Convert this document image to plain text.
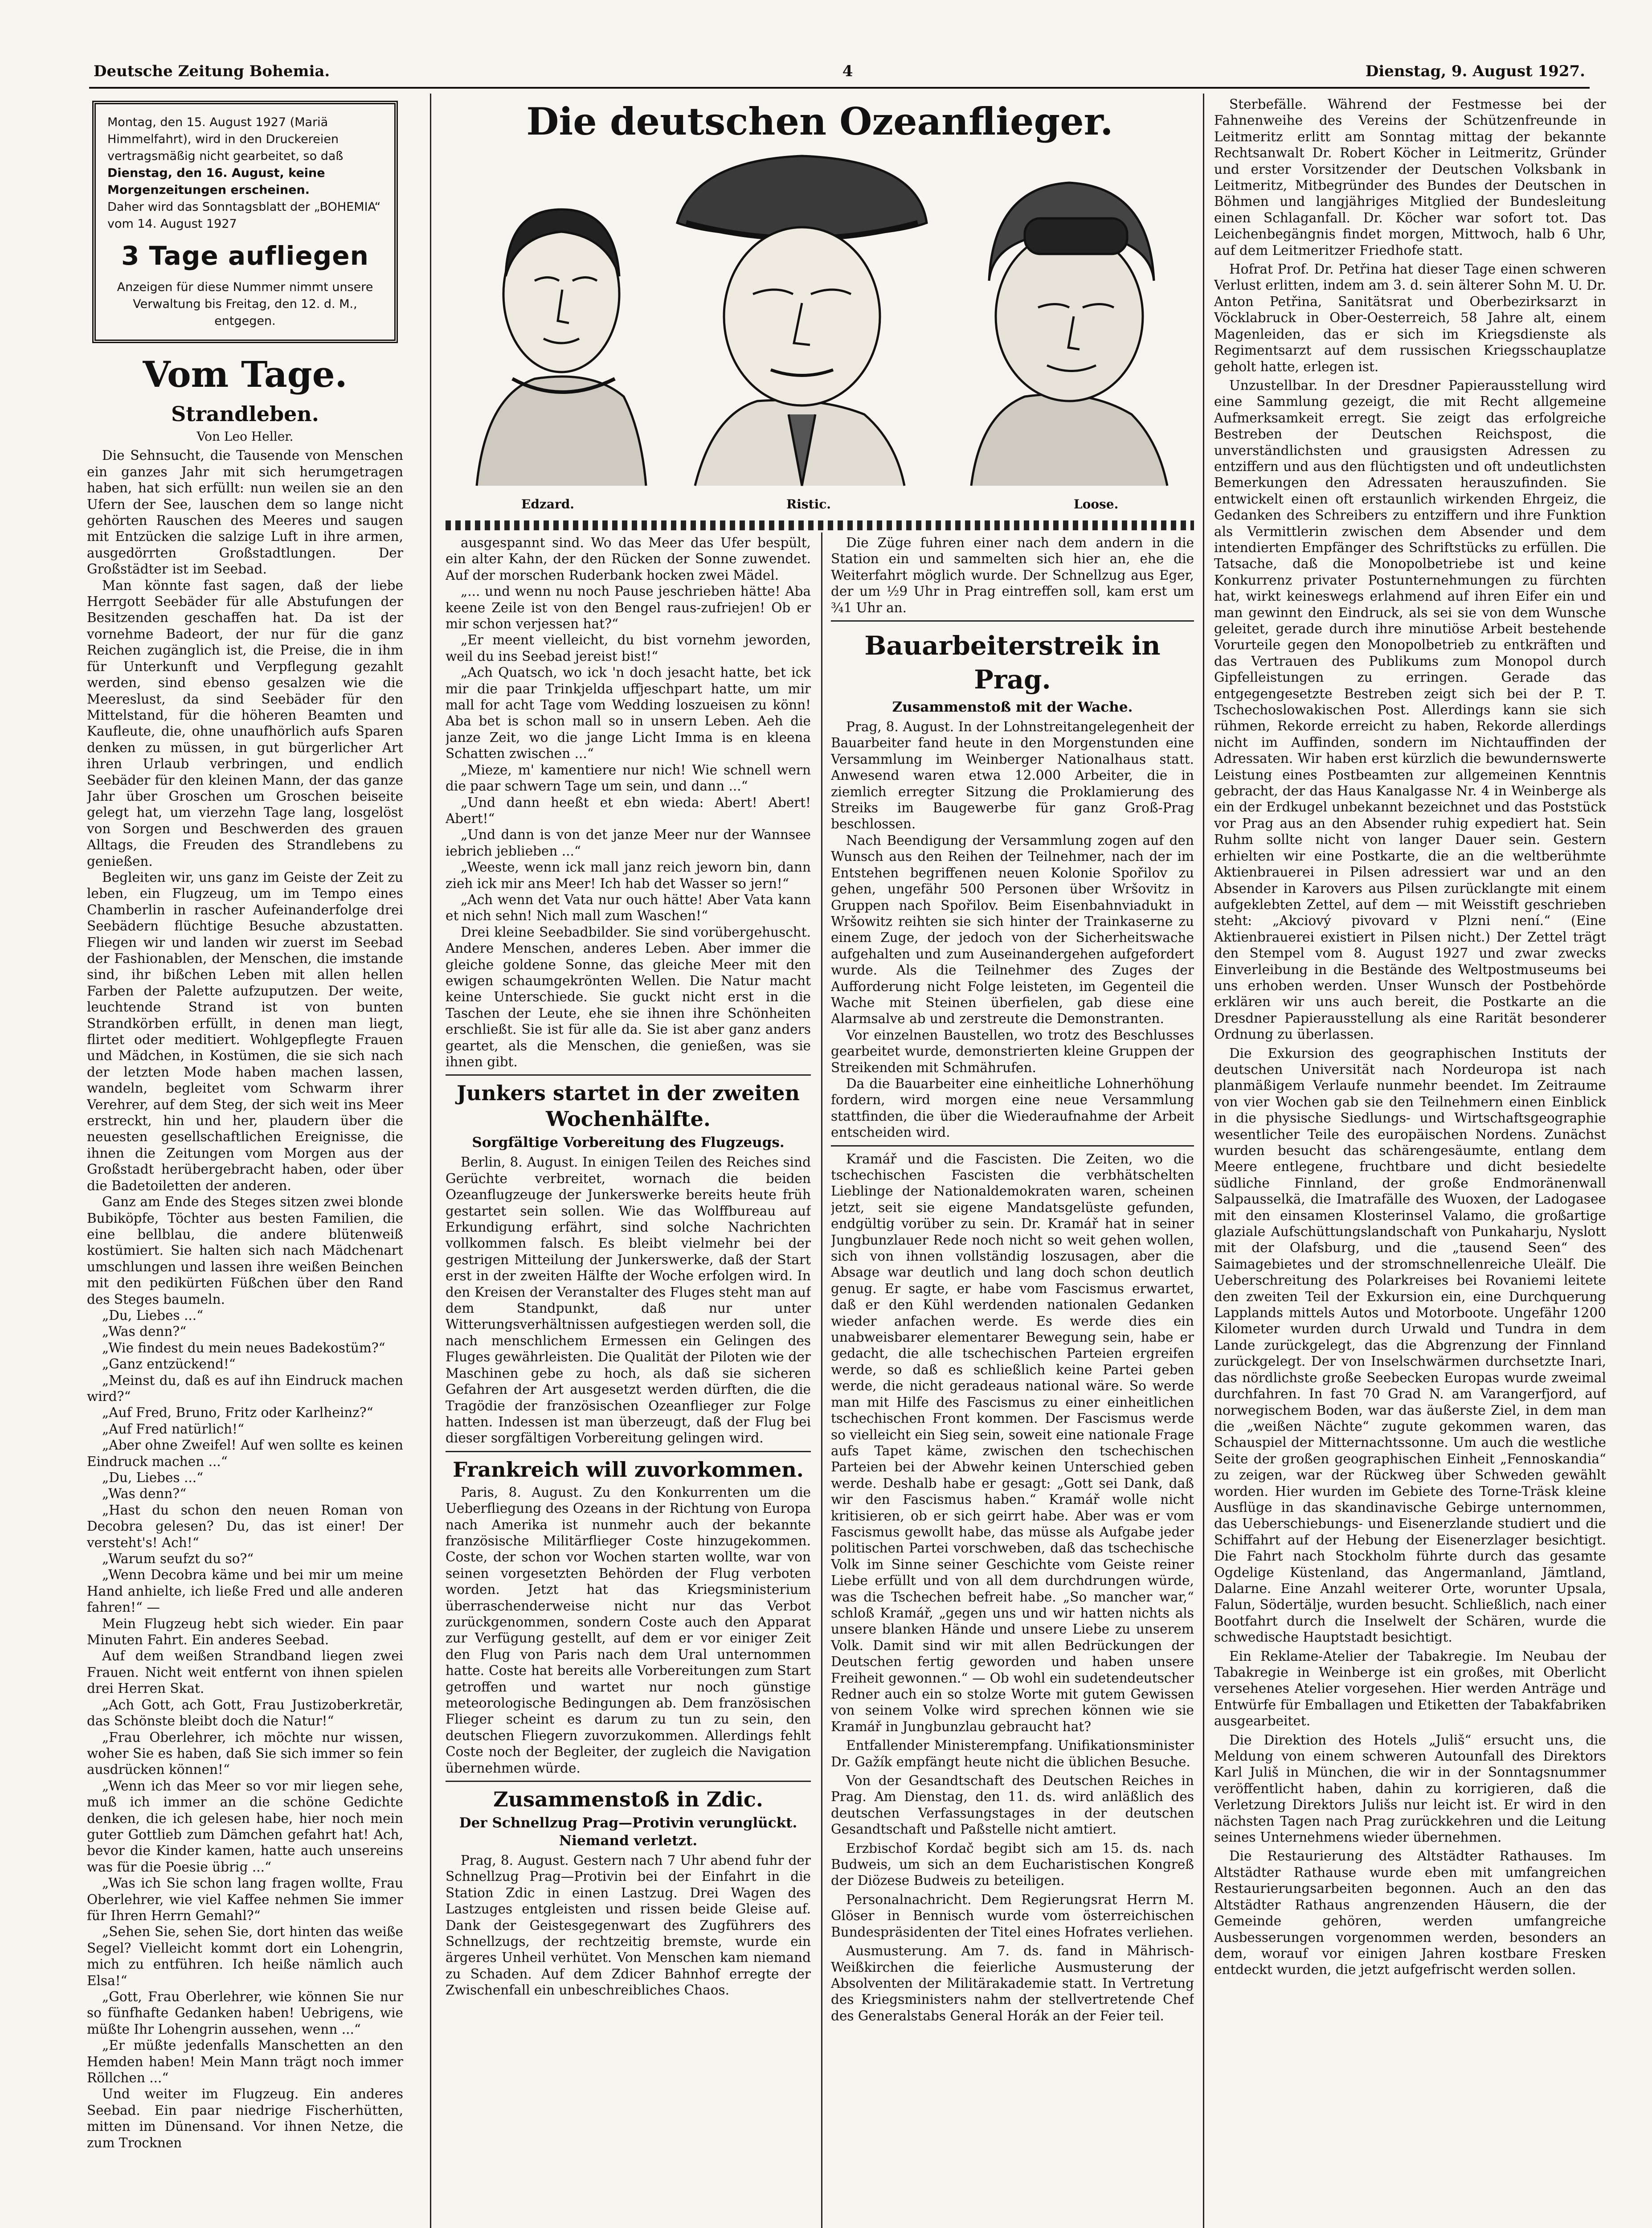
Deutsche Zeitung Bohemia.	4	Dienstag, 9. August 1927.
Montag, den 15. August 1927 (Mariä Himmelfahrt), wird in den Druckereien vertragsmäßig nicht gearbeitet, so daß
Dienstag, den 16. August, keine Morgenzeitungen erscheinen.
Daher wird das Sonntagsblatt der „BOHEMIA“ vom 14. August 1927
3 Tage aufliegen
Anzeigen für diese Nummer nimmt unsere Verwaltung bis Freitag, den 12. d. M., entgegen.
Vom Tage.
Strandleben.
Von Leo Heller.

Die Sehnsucht, die Tausende von Menschen ein ganzes Jahr mit sich herumgetragen haben, hat sich erfüllt: nun weilen sie an den Ufern der See, lauschen dem so lange nicht gehörten Rauschen des Meeres und saugen mit Entzücken die salzige Luft in ihre armen, ausgedörrten Großstadtlungen. Der Großstädter ist im Seebad.

Man könnte fast sagen, daß der liebe Herrgott Seebäder für alle Abstufungen der Besitzenden geschaffen hat. Da ist der vornehme Badeort, der nur für die ganz Reichen zugänglich ist, die Preise, die in ihm für Unterkunft und Verpflegung gezahlt werden, sind ebenso gesalzen wie die Meereslust, da sind Seebäder für den Mittelstand, für die höheren Beamten und Kaufleute, die, ohne unaufhörlich aufs Sparen denken zu müssen, in gut bürgerlicher Art ihren Urlaub verbringen, und endlich Seebäder für den kleinen Mann, der das ganze Jahr über Groschen um Groschen beiseite gelegt hat, um vierzehn Tage lang, losgelöst von Sorgen und Beschwerden des grauen Alltags, die Freuden des Strandlebens zu genießen.

Begleiten wir, uns ganz im Geiste der Zeit zu leben, ein Flugzeug, um im Tempo eines Chamberlin in rascher Aufeinanderfolge drei Seebädern flüchtige Besuche abzustatten. Fliegen wir und landen wir zuerst im Seebad der Fashionablen, der Menschen, die imstande sind, ihr bißchen Leben mit allen hellen Farben der Palette aufzuputzen. Der weite, leuchtende Strand ist von bunten Strandkörben erfüllt, in denen man liegt, flirtet oder meditiert. Wohlgepflegte Frauen und Mädchen, in Kostümen, die sie sich nach der letzten Mode haben machen lassen, wandeln, begleitet vom Schwarm ihrer Verehrer, auf dem Steg, der sich weit ins Meer erstreckt, hin und her, plaudern über die neuesten gesellschaftlichen Ereignisse, die ihnen die Zeitungen vom Morgen aus der Großstadt herübergebracht haben, oder über die Badetoiletten der anderen.

Ganz am Ende des Steges sitzen zwei blonde Bubiköpfe, Töchter aus besten Familien, die eine bellblau, die andere blütenweiß kostümiert. Sie halten sich nach Mädchenart umschlungen und lassen ihre weißen Beinchen mit den pedikürten Füßchen über den Rand des Steges baumeln.

„Du, Liebes ...“

„Was denn?“

„Wie findest du mein neues Badekostüm?“

„Ganz entzückend!“

„Meinst du, daß es auf ihn Eindruck machen wird?“

„Auf Fred, Bruno, Fritz oder Karlheinz?“

„Auf Fred natürlich!“

„Aber ohne Zweifel! Auf wen sollte es keinen Eindruck machen ...“

„Du, Liebes ...“

„Was denn?“

„Hast du schon den neuen Roman von Decobra gelesen? Du, das ist einer! Der versteht's! Ach!“

„Warum seufzt du so?“

„Wenn Decobra käme und bei mir um meine Hand anhielte, ich ließe Fred und alle anderen fahren!“ —

Mein Flugzeug hebt sich wieder. Ein paar Minuten Fahrt. Ein anderes Seebad.

Auf dem weißen Strandband liegen zwei Frauen. Nicht weit entfernt von ihnen spielen drei Herren Skat.

„Ach Gott, ach Gott, Frau Justizoberkretär, das Schönste bleibt doch die Natur!“

„Frau Oberlehrer, ich möchte nur wissen, woher Sie es haben, daß Sie sich immer so fein ausdrücken können!“

„Wenn ich das Meer so vor mir liegen sehe, muß ich immer an die schöne Gedichte denken, die ich gelesen habe, hier noch mein guter Gottlieb zum Dämchen gefahrt hat! Ach, bevor die Kinder kamen, hatte auch unsereins was für die Poesie übrig ...“

„Was ich Sie schon lang fragen wollte, Frau Oberlehrer, wie viel Kaffee nehmen Sie immer für Ihren Herrn Gemahl?“

„Sehen Sie, sehen Sie, dort hinten das weiße Segel? Vielleicht kommt dort ein Lohengrin, mich zu entführen. Ich heiße nämlich auch Elsa!“

„Gott, Frau Oberlehrer, wie können Sie nur so fünfhafte Gedanken haben! Uebrigens, wie müßte Ihr Lohengrin aussehen, wenn ...“

„Er müßte jedenfalls Manschetten an den Hemden haben! Mein Mann trägt noch immer Röllchen ...“

Und weiter im Flugzeug. Ein anderes Seebad. Ein paar niedrige Fischerhütten, mitten im Dünensand. Vor ihnen Netze, die zum Trocknen

Die deutschen Ozeanflieger.
Edzard.	Ristic.	Loose.

ausgespannt sind. Wo das Meer das Ufer bespült, ein alter Kahn, der den Rücken der Sonne zuwendet. Auf der morschen Ruderbank hocken zwei Mädel.

„... und wenn nu noch Pause jeschrieben hätte! Aba keene Zeile ist von den Bengel raus-zufriejen! Ob er mir schon verjessen hat?“

„Er meent vielleicht, du bist vornehm jeworden, weil du ins Seebad jereist bist!“

„Ach Quatsch, wo ick 'n doch jesacht hatte, bet ick mir die paar Trinkjelda uffjeschpart hatte, um mir mall for acht Tage vom Wedding loszueisen zu könn! Aba bet is schon mall so in unsern Leben. Aeh die janze Zeit, wo die jange Licht Imma is en kleena Schatten zwischen ...“

„Mieze, m' kamentiere nur nich! Wie schnell wern die paar schwern Tage um sein, und dann ...“

„Und dann heeßt et ebn wieda: Abert! Abert! Abert!“

„Und dann is von det janze Meer nur der Wannsee iebrich jeblieben ...“

„Weeste, wenn ick mall janz reich jeworn bin, dann zieh ick mir ans Meer! Ich hab det Wasser so jern!“

„Ach wenn det Vata nur ouch hätte! Aber Vata kann et nich sehn! Nich mall zum Waschen!“

Drei kleine Seebadbilder. Sie sind vorübergehuscht. Andere Menschen, anderes Leben. Aber immer die gleiche goldene Sonne, das gleiche Meer mit den ewigen schaumgekrönten Wellen. Die Natur macht keine Unterschiede. Sie guckt nicht erst in die Taschen der Leute, ehe sie ihnen ihre Schönheiten erschließt. Sie ist für alle da. Sie ist aber ganz anders geartet, als die Menschen, die genießen, was sie ihnen gibt.

Junkers startet in der zweiten Wochenhälfte.
Sorgfältige Vorbereitung des Flugzeugs.

Berlin, 8. August. In einigen Teilen des Reiches sind Gerüchte verbreitet, wornach die beiden Ozeanflugzeuge der Junkerswerke bereits heute früh gestartet sein sollen. Wie das Wolffbureau auf Erkundigung erfährt, sind solche Nachrichten vollkommen falsch. Es bleibt vielmehr bei der gestrigen Mitteilung der Junkerswerke, daß der Start erst in der zweiten Hälfte der Woche erfolgen wird. In den Kreisen der Veranstalter des Fluges steht man auf dem Standpunkt, daß nur unter Witterungsverhältnissen aufgestiegen werden soll, die nach menschlichem Ermessen ein Gelingen des Fluges gewährleisten. Die Qualität der Piloten wie der Maschinen gebe zu hoch, als daß sie sicheren Gefahren der Art ausgesetzt werden dürften, die die Tragödie der französischen Ozeanflieger zur Folge hatten. Indessen ist man überzeugt, daß der Flug bei dieser sorgfältigen Vorbereitung gelingen wird.

Frankreich will zuvorkommen.

Paris, 8. August. Zu den Konkurrenten um die Ueberfliegung des Ozeans in der Richtung von Europa nach Amerika ist nunmehr auch der bekannte französische Militärflieger Coste hinzugekommen. Coste, der schon vor Wochen starten wollte, war von seinen vorgesetzten Behörden der Flug verboten worden. Jetzt hat das Kriegsministerium überraschenderweise nicht nur das Verbot zurückgenommen, sondern Coste auch den Apparat zur Verfügung gestellt, auf dem er vor einiger Zeit den Flug von Paris nach dem Ural unternommen hatte. Coste hat bereits alle Vorbereitungen zum Start getroffen und wartet nur noch günstige meteorologische Bedingungen ab. Dem französischen Flieger scheint es darum zu tun zu sein, den deutschen Fliegern zuvorzukommen. Allerdings fehlt Coste noch der Begleiter, der zugleich die Navigation übernehmen würde.

Zusammenstoß in Zdic.
Der Schnellzug Prag—Protivin verunglückt. Niemand verletzt.

Prag, 8. August. Gestern nach 7 Uhr abend fuhr der Schnellzug Prag—Protivin bei der Einfahrt in die Station Zdic in einen Lastzug. Drei Wagen des Lastzuges entgleisten und rissen beide Gleise auf. Dank der Geistesgegenwart des Zugführers des Schnellzugs, der rechtzeitig bremste, wurde ein ärgeres Unheil verhütet. Von Menschen kam niemand zu Schaden. Auf dem Zdicer Bahnhof erregte der Zwischenfall ein unbeschreibliches Chaos.

Die Züge fuhren einer nach dem andern in die Station ein und sammelten sich hier an, ehe die Weiterfahrt möglich wurde. Der Schnellzug aus Eger, der um ½9 Uhr in Prag eintreffen soll, kam erst um ¾1 Uhr an.

Bauarbeiterstreik in Prag.
Zusammenstoß mit der Wache.

Prag, 8. August. In der Lohnstreitangelegenheit der Bauarbeiter fand heute in den Morgenstunden eine Versammlung im Weinberger Nationalhaus statt. Anwesend waren etwa 12.000 Arbeiter, die in ziemlich erregter Sitzung die Proklamierung des Streiks im Baugewerbe für ganz Groß-Prag beschlossen.

Nach Beendigung der Versammlung zogen auf den Wunsch aus den Reihen der Teilnehmer, nach der im Entstehen begriffenen neuen Kolonie Spořilov zu gehen, ungefähr 500 Personen über Wršovitz in Gruppen nach Spořilov. Beim Eisenbahnviadukt in Wršowitz reihten sie sich hinter der Trainkaserne zu einem Zuge, der jedoch von der Sicherheitswache aufgehalten und zum Auseinandergehen aufgefordert wurde. Als die Teilnehmer des Zuges der Aufforderung nicht Folge leisteten, im Gegenteil die Wache mit Steinen überfielen, gab diese eine Alarmsalve ab und zerstreute die Demonstranten.

Vor einzelnen Baustellen, wo trotz des Beschlusses gearbeitet wurde, demonstrierten kleine Gruppen der Streikenden mit Schmährufen.

Da die Bauarbeiter eine einheitliche Lohnerhöhung fordern, wird morgen eine neue Versammlung stattfinden, die über die Wiederaufnahme der Arbeit entscheiden wird.

Kramář und die Fascisten. Die Zeiten, wo die tschechischen Fascisten die verbhätschelten Lieblinge der Nationaldemokraten waren, scheinen jetzt, seit sie eigene Mandatsgelüste gefunden, endgültig vorüber zu sein. Dr. Kramář hat in seiner Jungbunzlauer Rede noch nicht so weit gehen wollen, sich von ihnen vollständig loszusagen, aber die Absage war deutlich und lang doch schon deutlich genug. Er sagte, er habe vom Fascismus erwartet, daß er den Kühl werdenden nationalen Gedanken wieder anfachen werde. Es werde dies ein unabweisbarer elementarer Bewegung sein, habe er gedacht, die alle tschechischen Parteien ergreifen werde, so daß es schließlich keine Partei geben werde, die nicht geradeaus national wäre. So werde man mit Hilfe des Fascismus zu einer einheitlichen tschechischen Front kommen. Der Fascismus werde so vielleicht ein Sieg sein, soweit eine nationale Frage aufs Tapet käme, zwischen den tschechischen Parteien bei der Abwehr keinen Unterschied geben werde. Deshalb habe er gesagt: „Gott sei Dank, daß wir den Fascismus haben.“ Kramář wolle nicht kritisieren, ob er sich geirrt habe. Aber was er vom Fascismus gewollt habe, das müsse als Aufgabe jeder politischen Partei vorschweben, daß das tschechische Volk im Sinne seiner Geschichte vom Geiste reiner Liebe erfüllt und von all dem durchdrungen würde, was die Tschechen befreit habe. „So mancher war,“ schloß Kramář, „gegen uns und wir hatten nichts als unsere blanken Hände und unsere Liebe zu unserem Volk. Damit sind wir mit allen Bedrückungen der Deutschen fertig geworden und haben unsere Freiheit gewonnen.“ — Ob wohl ein sudetendeutscher Redner auch ein so stolze Worte mit gutem Gewissen von seinem Volke wird sprechen können wie sie Kramář in Jungbunzlau gebraucht hat?

Entfallender Ministerempfang. Unifikationsminister Dr. Gažík empfängt heute nicht die üblichen Besuche.

Von der Gesandtschaft des Deutschen Reiches in Prag. Am Dienstag, den 11. ds. wird anläßlich des deutschen Verfassungstages in der deutschen Gesandtschaft und Paßstelle nicht amtiert.

Erzbischof Kordač begibt sich am 15. ds. nach Budweis, um sich an dem Eucharistischen Kongreß der Diözese Budweis zu beteiligen.

Personalnachricht. Dem Regierungsrat Herrn M. Glöser in Bennisch wurde vom österreichischen Bundespräsidenten der Titel eines Hofrates verliehen.

Ausmusterung. Am 7. ds. fand in Mährisch-Weißkirchen die feierliche Ausmusterung der Absolventen der Militärakademie statt. In Vertretung des Kriegsministers nahm der stellvertretende Chef des Generalstabs General Horák an der Feier teil.

Sterbefälle. Während der Festmesse bei der Fahnenweihe des Vereins der Schützenfreunde in Leitmeritz erlitt am Sonntag mittag der bekannte Rechtsanwalt Dr. Robert Köcher in Leitmeritz, Gründer und erster Vorsitzender der Deutschen Volksbank in Leitmeritz, Mitbegründer des Bundes der Deutschen in Böhmen und langjähriges Mitglied der Bundesleitung einen Schlaganfall. Dr. Köcher war sofort tot. Das Leichenbegängnis findet morgen, Mittwoch, halb 6 Uhr, auf dem Leitmeritzer Friedhofe statt.

Hofrat Prof. Dr. Petřina hat dieser Tage einen schweren Verlust erlitten, indem am 3. d. sein älterer Sohn M. U. Dr. Anton Petřina, Sanitätsrat und Oberbezirksarzt in Vöcklabruck in Ober-Oesterreich, 58 Jahre alt, einem Magenleiden, das er sich im Kriegsdienste als Regimentsarzt auf dem russischen Kriegsschauplatze geholt hatte, erlegen ist.

Unzustellbar. In der Dresdner Papierausstellung wird eine Sammlung gezeigt, die mit Recht allgemeine Aufmerksamkeit erregt. Sie zeigt das erfolgreiche Bestreben der Deutschen Reichspost, die unverständlichsten und grausigsten Adressen zu entziffern und aus den flüchtigsten und oft undeutlichsten Bemerkungen den Adressaten herauszufinden. Sie entwickelt einen oft erstaunlich wirkenden Ehrgeiz, die Gedanken des Schreibers zu entziffern und ihre Funktion als Vermittlerin zwischen dem Absender und dem intendierten Empfänger des Schriftstücks zu erfüllen. Die Tatsache, daß die Monopolbetriebe ist und keine Konkurrenz privater Postunternehmungen zu fürchten hat, wirkt keineswegs erlahmend auf ihren Eifer ein und man gewinnt den Eindruck, als sei sie von dem Wunsche geleitet, gerade durch ihre minutiöse Arbeit bestehende Vorurteile gegen den Monopolbetrieb zu entkräften und das Vertrauen des Publikums zum Monopol durch Gipfelleistungen zu erringen. Gerade das entgegengesetzte Bestreben zeigt sich bei der P. T. Tschechoslowakischen Post. Allerdings kann sie sich rühmen, Rekorde erreicht zu haben, Rekorde allerdings nicht im Auffinden, sondern im Nichtauffinden der Adressaten. Wir haben erst kürzlich die bewundernswerte Leistung eines Postbeamten zur allgemeinen Kenntnis gebracht, der das Haus Kanalgasse Nr. 4 in Weinberge als ein der Erdkugel unbekannt bezeichnet und das Poststück vor Prag aus an den Absender ruhig expediert hat. Sein Ruhm sollte nicht von langer Dauer sein. Gestern erhielten wir eine Postkarte, die an die weltberühmte Aktienbrauerei in Pilsen adressiert war und an den Absender in Karovers aus Pilsen zurücklangte mit einem aufgeklebten Zettel, auf dem — mit Weisstift geschrieben steht: „Akciový pivovard v Plzni není.“ (Eine Aktienbrauerei existiert in Pilsen nicht.) Der Zettel trägt den Stempel vom 8. August 1927 und zwar zwecks Einverleibung in die Bestände des Weltpostmuseums bei uns erhoben werden. Unser Wunsch der Postbehörde erklären wir uns auch bereit, die Postkarte an die Dresdner Papierausstellung als eine Rarität besonderer Ordnung zu überlassen.

Die Exkursion des geographischen Instituts der deutschen Universität nach Nordeuropa ist nach planmäßigem Verlaufe nunmehr beendet. Im Zeitraume von vier Wochen gab sie den Teilnehmern einen Einblick in die physische Siedlungs- und Wirtschaftsgeographie wesentlicher Teile des europäischen Nordens. Zunächst wurden besucht das schärengesäumte, entlang dem Meere entlegene, fruchtbare und dicht besiedelte südliche Finnland, der große Endmoränenwall Salpausselkä, die Imatrafälle des Wuoxen, der Ladogasee mit den einsamen Klosterinsel Valamo, die großartige glaziale Aufschüttungslandschaft von Punkaharju, Nyslott mit der Olafsburg, und die „tausend Seen“ des Saimagebietes und der stromschnellenreiche Uleälf. Die Ueberschreitung des Polarkreises bei Rovaniemi leitete den zweiten Teil der Exkursion ein, eine Durchquerung Lapplands mittels Autos und Motorboote. Ungefähr 1200 Kilometer wurden durch Urwald und Tundra in dem Lande zurückgelegt, das die Abgrenzung der Finnland zurückgelegt. Der von Inselschwärmen durchsetzte Inari, das nördlichste große Seebecken Europas wurde zweimal durchfahren. In fast 70 Grad N. am Varangerfjord, auf norwegischem Boden, war das äußerste Ziel, in dem man die „weißen Nächte“ zugute gekommen waren, das Schauspiel der Mitternachtssonne. Um auch die westliche Seite der großen geographischen Einheit „Fennoskandia“ zu zeigen, war der Rückweg über Schweden gewählt worden. Hier wurden im Gebiete des Torne-Träsk kleine Ausflüge in das skandinavische Gebirge unternommen, das Ueberschiebungs- und Eisenerzlande studiert und die Schiffahrt auf der Hebung der Eisenerzlager besichtigt. Die Fahrt nach Stockholm führte durch das gesamte Ogdelige Küstenland, das Angermanland, Jämtland, Dalarne. Eine Anzahl weiterer Orte, worunter Upsala, Falun, Södertälje, wurden besucht. Schließlich, nach einer Bootfahrt durch die Inselwelt der Schären, wurde die schwedische Hauptstadt besichtigt.

Ein Reklame-Atelier der Tabakregie. Im Neubau der Tabakregie in Weinberge ist ein großes, mit Oberlicht versehenes Atelier vorgesehen. Hier werden Anträge und Entwürfe für Emballagen und Etiketten der Tabakfabriken ausgearbeitet.

Die Direktion des Hotels „Juliš“ ersucht uns, die Meldung von einem schweren Autounfall des Direktors Karl Juliš in München, die wir in der Sonntagsnummer veröffentlicht haben, dahin zu korrigieren, daß die Verletzung Direktors Julišs nur leicht ist. Er wird in den nächsten Tagen nach Prag zurückkehren und die Leitung seines Unternehmens wieder übernehmen.

Die Restaurierung des Altstädter Rathauses. Im Altstädter Rathause wurde eben mit umfangreichen Restaurierungsarbeiten begonnen. Auch an den das Altstädter Rathaus angrenzenden Häusern, die der Gemeinde gehören, werden umfangreiche Ausbesserungen vorgenommen werden, besonders an dem, worauf vor einigen Jahren kostbare Fresken entdeckt wurden, die jetzt aufgefrischt werden sollen.
